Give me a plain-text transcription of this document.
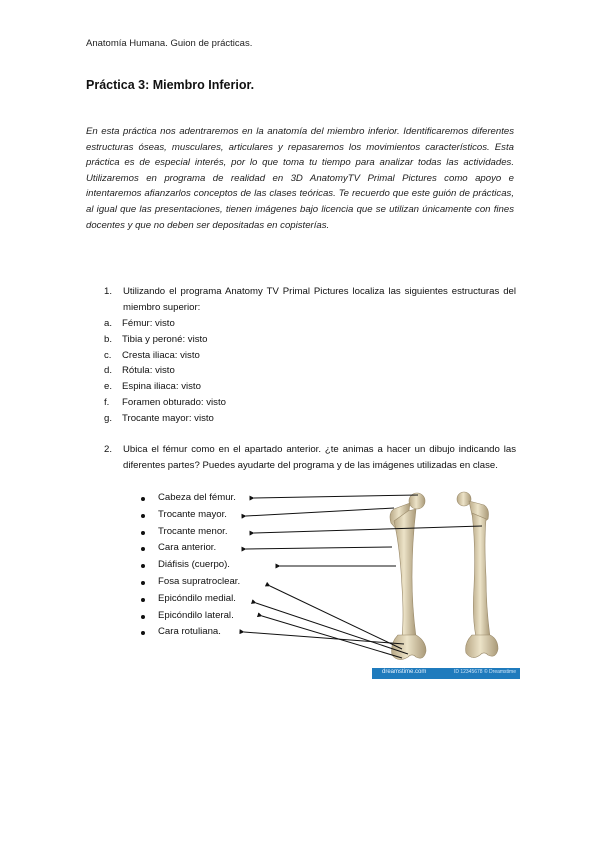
Anatomía Humana. Guion de prácticas.
Práctica 3: Miembro Inferior.
En esta práctica nos adentraremos en la anatomía del miembro inferior. Identificaremos diferentes estructuras óseas, musculares, articulares y repasaremos los movimientos característicos. Esta práctica es de especial interés, por lo que toma tu tiempo para analizar todas las actividades. Utilizaremos en programa de realidad en 3D AnatomyTV Primal Pictures como apoyo e intentaremos afianzarlos conceptos de las clases teóricas. Te recuerdo que este guión de prácticas, al igual que las presentaciones, tienen imágenes bajo licencia que se utilizan únicamente con fines docentes y que no deben ser depositadas en copisterías.
1. Utilizando el programa Anatomy TV Primal Pictures localiza las siguientes estructuras del miembro superior:
a. Fémur: visto
b. Tibia y peroné: visto
c. Cresta iliaca: visto
d. Rótula: visto
e. Espina iliaca: visto
f. Foramen obturado: visto
g. Trocante mayor: visto
2. Ubica el fémur como en el apartado anterior. ¿te animas a hacer un dibujo indicando las diferentes partes? Puedes ayudarte del programa y de las imágenes utilizadas en clase.
Cabeza del fémur.
Trocante mayor.
Trocante menor.
Cara anterior.
Diáfisis (cuerpo).
Fosa supratroclear.
Epicóndilo medial.
Epicóndilo lateral.
Cara rotuliana.
dreamstime.com	ID 12345678 © Dreamstime
